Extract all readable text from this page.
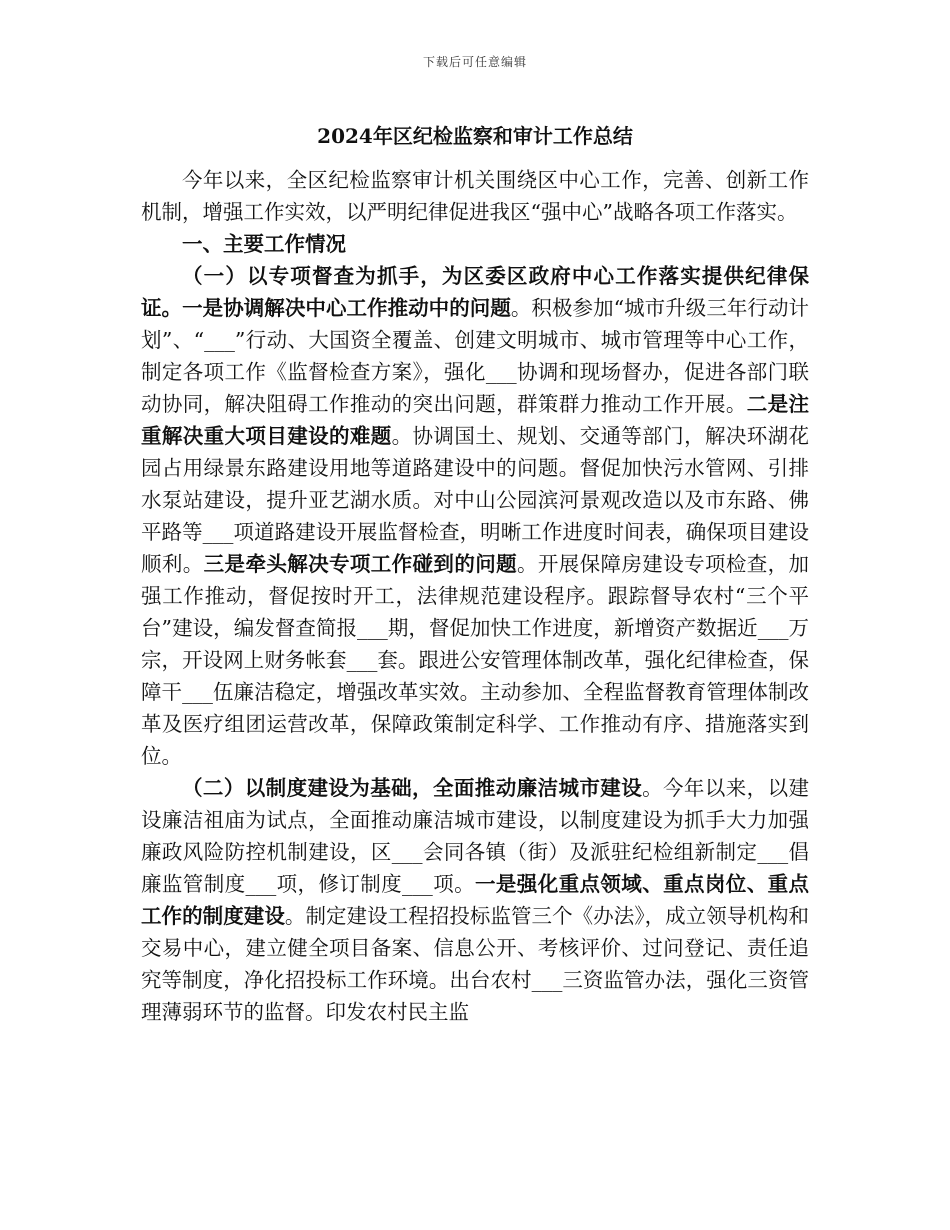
下载后可任意编辑
2024年区纪检监察和审计工作总结

今年以来，全区纪检监察审计机关围绕区中心工作，完善、创新工作机制，增强工作实效，以严明纪律促进我区“强中心”战略各项工作落实。

一、主要工作情况

（一）以专项督查为抓手，为区委区政府中心工作落实提供纪律保证。一是协调解决中心工作推动中的问题。积极参加“城市升级三年行动计划”、“___”行动、大国资全覆盖、创建文明城市、城市管理等中心工作，制定各项工作《监督检查方案》，强化___协调和现场督办，促进各部门联动协同，解决阻碍工作推动的突出问题，群策群力推动工作开展。二是注重解决重大项目建设的难题。协调国土、规划、交通等部门，解决环湖花园占用绿景东路建设用地等道路建设中的问题。督促加快污水管网、引排水泵站建设，提升亚艺湖水质。对中山公园滨河景观改造以及市东路、佛平路等___项道路建设开展监督检查，明晰工作进度时间表，确保项目建设顺利。三是牵头解决专项工作碰到的问题。开展保障房建设专项检查，加强工作推动，督促按时开工，法律规范建设程序。跟踪督导农村“三个平台”建设，编发督查简报___期，督促加快工作进度，新增资产数据近___万宗，开设网上财务帐套___套。跟进公安管理体制改革，强化纪律检查，保障干___伍廉洁稳定，增强改革实效。主动参加、全程监督教育管理体制改革及医疗组团运营改革，保障政策制定科学、工作推动有序、措施落实到位。

（二）以制度建设为基础，全面推动廉洁城市建设。今年以来，以建设廉洁祖庙为试点，全面推动廉洁城市建设，以制度建设为抓手大力加强廉政风险防控机制建设，区___会同各镇（街）及派驻纪检组新制定___倡廉监管制度___项，修订制度___项。一是强化重点领域、重点岗位、重点工作的制度建设。制定建设工程招投标监管三个《办法》，成立领导机构和交易中心，建立健全项目备案、信息公开、考核评价、过问登记、责任追究等制度，净化招投标工作环境。出台农村___三资监管办法，强化三资管理薄弱环节的监督。印发农村民主监
